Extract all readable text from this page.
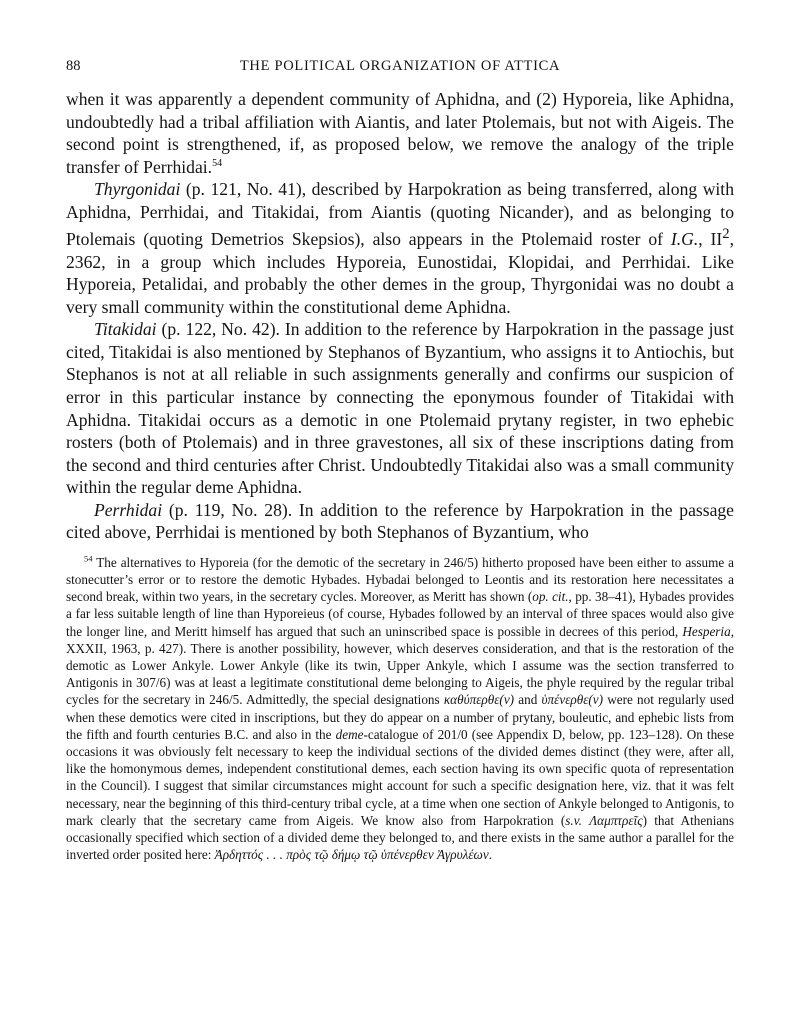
88	THE POLITICAL ORGANIZATION OF ATTICA

when it was apparently a dependent community of Aphidna, and (2) Hyporeia, like Aphidna, undoubtedly had a tribal affiliation with Aiantis, and later Ptolemais, but not with Aigeis. The second point is strengthened, if, as proposed below, we remove the analogy of the triple transfer of Perrhidai.$^{54}$

Thyrgonidai (p. 121, No. 41), described by Harpokration as being transferred, along with Aphidna, Perrhidai, and Titakidai, from Aiantis (quoting Nicander), and as belonging to Ptolemais (quoting Demetrios Skepsios), also appears in the Ptolemaid roster of I.G., $II^2$, 2362, in a group which includes Hyporeia, Eunostidai, Klopidai, and Perrhidai. Like Hyporeia, Petalidai, and probably the other demes in the group, Thyrgonidai was no doubt a very small community within the constitutional deme Aphidna.

Titakidai (p. 122, No. 42). In addition to the reference by Harpokration in the passage just cited, Titakidai is also mentioned by Stephanos of Byzantium, who assigns it to Antiochis, but Stephanos is not at all reliable in such assignments generally and confirms our suspicion of error in this particular instance by connecting the eponymous founder of Titakidai with Aphidna. Titakidai occurs as a demotic in one Ptolemaid prytany register, in two ephebic rosters (both of Ptolemais) and in three gravestones, all six of these inscriptions dating from the second and third centuries after Christ. Undoubtedly Titakidai also was a small community within the regular deme Aphidna.

Perrhidai (p. 119, No. 28). In addition to the reference by Harpokration in the passage cited above, Perrhidai is mentioned by both Stephanos of Byzantium, who

$^{54}$ The alternatives to Hyporeia (for the demotic of the secretary in 246/5) hitherto proposed have been either to assume a stonecutter’s error or to restore the demotic Hybades. Hybadai belonged to Leontis and its restoration here necessitates a second break, within two years, in the secretary cycles. Moreover, as Meritt has shown (op. cit., pp. 38–41), Hybades provides a far less suitable length of line than Hyporeieus (of course, Hybades followed by an interval of three spaces would also give the longer line, and Meritt himself has argued that such an uninscribed space is possible in decrees of this period, Hesperia, XXXII, 1963, p. 427). There is another possibility, however, which deserves consideration, and that is the restoration of the demotic as Lower Ankyle. Lower Ankyle (like its twin, Upper Ankyle, which I assume was the section transferred to Antigonis in 307/6) was at least a legitimate constitutional deme belonging to Aigeis, the phyle required by the regular tribal cycles for the secretary in 246/5. Admittedly, the special designations καθύπερθε(ν) and ὑπένερθε(ν) were not regularly used when these demotics were cited in inscriptions, but they do appear on a number of prytany, bouleutic, and ephebic lists from the fifth and fourth centuries B.C. and also in the deme-catalogue of 201/0 (see Appendix D, below, pp. 123–128). On these occasions it was obviously felt necessary to keep the individual sections of the divided demes distinct (they were, after all, like the homonymous demes, independent constitutional demes, each section having its own specific quota of representation in the Council). I suggest that similar circumstances might account for such a specific designation here, viz. that it was felt necessary, near the beginning of this third-century tribal cycle, at a time when one section of Ankyle belonged to Antigonis, to mark clearly that the secretary came from Aigeis. We know also from Harpokration (s.v. Λαμπτρεῖς) that Athenians occasionally specified which section of a divided deme they belonged to, and there exists in the same author a parallel for the inverted order posited here: Ἀρδηττός . . . πρὸς τῷ δήμῳ τῷ ὑπένερθεν Ἀγρυλέων.
